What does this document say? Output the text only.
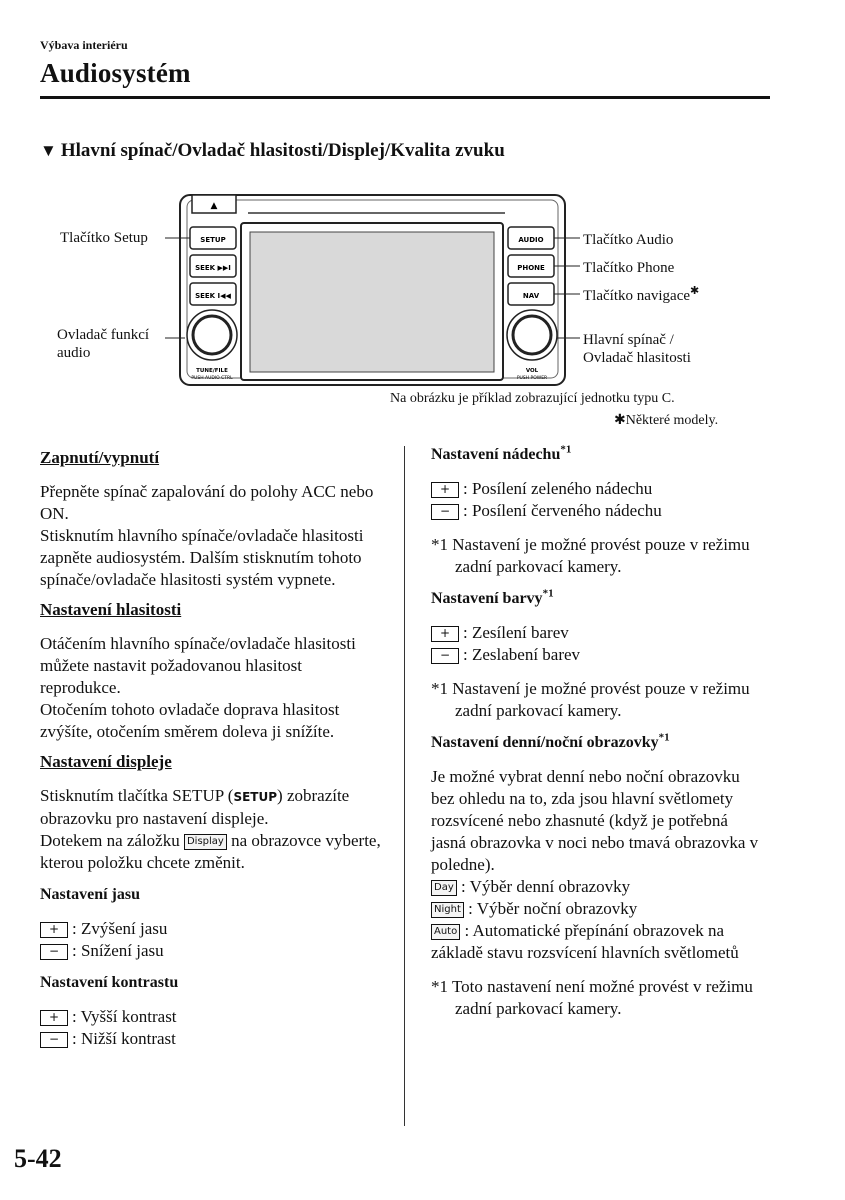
Výbava interiéru
Audiosystém
▼ Hlavní spínač/Ovladač hlasitosti/Displej/Kvalita zvuku
▲
SETUP
SEEK ▶▶I
SEEK I◀◀
AUDIO
PHONE
NAV
TUNE/FILE
PUSH AUDIO CTRL
VOL
PUSH POWER
Tlačítko Setup
Ovladač funkcí
audio
Tlačítko Audio
Tlačítko Phone
Tlačítko navigace✱
Hlavní spínač /
Ovladač hlasitosti
Na obrázku je příklad zobrazující jednotku typu C.
✱Některé modely.

Zapnutí/vypnutí

Přepněte spínač zapalování do polohy ACC nebo ON.

Stisknutím hlavního spínače/ovladače hlasitosti zapněte audiosystém. Dalším stisknutím tohoto spínače/ovladače hlasitosti systém vypnete.

Nastavení hlasitosti

Otáčením hlavního spínače/ovladače hlasitosti můžete nastavit požadovanou hlasitost reprodukce.

Otočením tohoto ovladače doprava hlasitost zvýšíte, otočením směrem doleva ji snížíte.

Nastavení displeje

Stisknutím tlačítka SETUP (SETUP) zobrazíte obrazovku pro nastavení displeje.

Dotekem na záložku Display na obrazovce vyberte, kterou položku chcete změnit.

Nastavení jasu

+ : Zvýšení jasu

− : Snížení jasu

Nastavení kontrastu

+ : Vyšší kontrast

− : Nižší kontrast

Nastavení nádechu$^{*1}$

+ : Posílení zeleného nádechu

− : Posílení červeného nádechu

*1 Nastavení je možné provést pouze v režimu zadní parkovací kamery.

Nastavení barvy$^{*1}$

+ : Zesílení barev

− : Zeslabení barev

*1 Nastavení je možné provést pouze v režimu zadní parkovací kamery.

Nastavení denní/noční obrazovky$^{*1}$

Je možné vybrat denní nebo noční obrazovku bez ohledu na to, zda jsou hlavní světlomety rozsvícené nebo zhasnuté (když je potřebná jasná obrazovka v noci nebo tmavá obrazovka v poledne).

Day : Výběr denní obrazovky

Night : Výběr noční obrazovky

Auto : Automatické přepínání obrazovek na základě stavu rozsvícení hlavních světlometů

*1 Toto nastavení není možné provést v režimu zadní parkovací kamery.

5-42
